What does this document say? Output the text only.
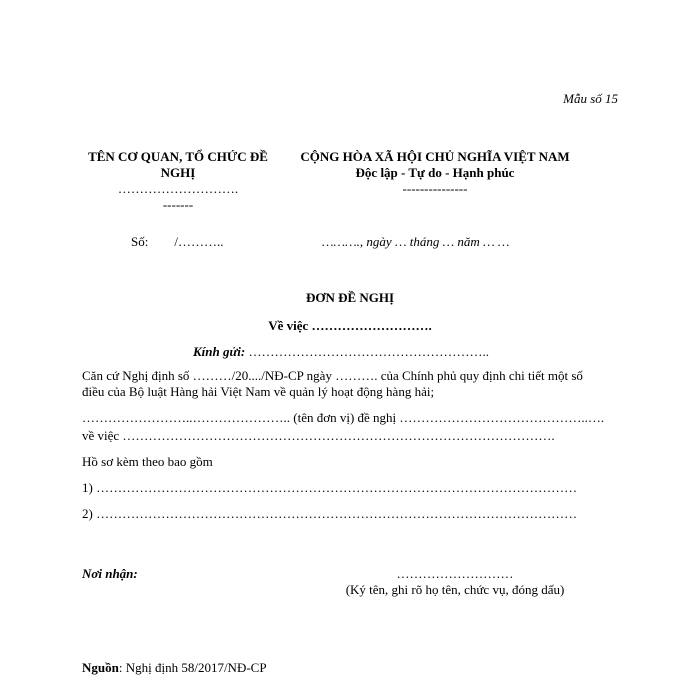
Mẫu số 15
TÊN CƠ QUAN, TỔ CHỨC ĐỀ NGHỊ
……………………….
-------
CỘNG HÒA XÃ HỘI CHỦ NGHĨA VIỆT NAM
Độc lập - Tự do - Hạnh phúc
---------------
Số: /………..	………., ngày … tháng … năm … …
ĐƠN ĐỀ NGHỊ
Về việc ……………………….
Kính gửi: ………………………………………………..
Căn cứ Nghị định số ………/20..../NĐ-CP ngày ………. của Chính phủ quy định chi tiết một số
điều của Bộ luật Hàng hải Việt Nam về quản lý hoạt động hàng hải;
……………………..………………….. (tên đơn vị) đề nghị ……………………………………..….
về việc ……………………………………………………………………………………….
Hồ sơ kèm theo bao gồm
1) …………………………………………………………………………………………………
2) …………………………………………………………………………………………………
Nơi nhận:	………………………
(Ký tên, ghi rõ họ tên, chức vụ, đóng dấu)
Nguồn: Nghị định 58/2017/NĐ-CP
